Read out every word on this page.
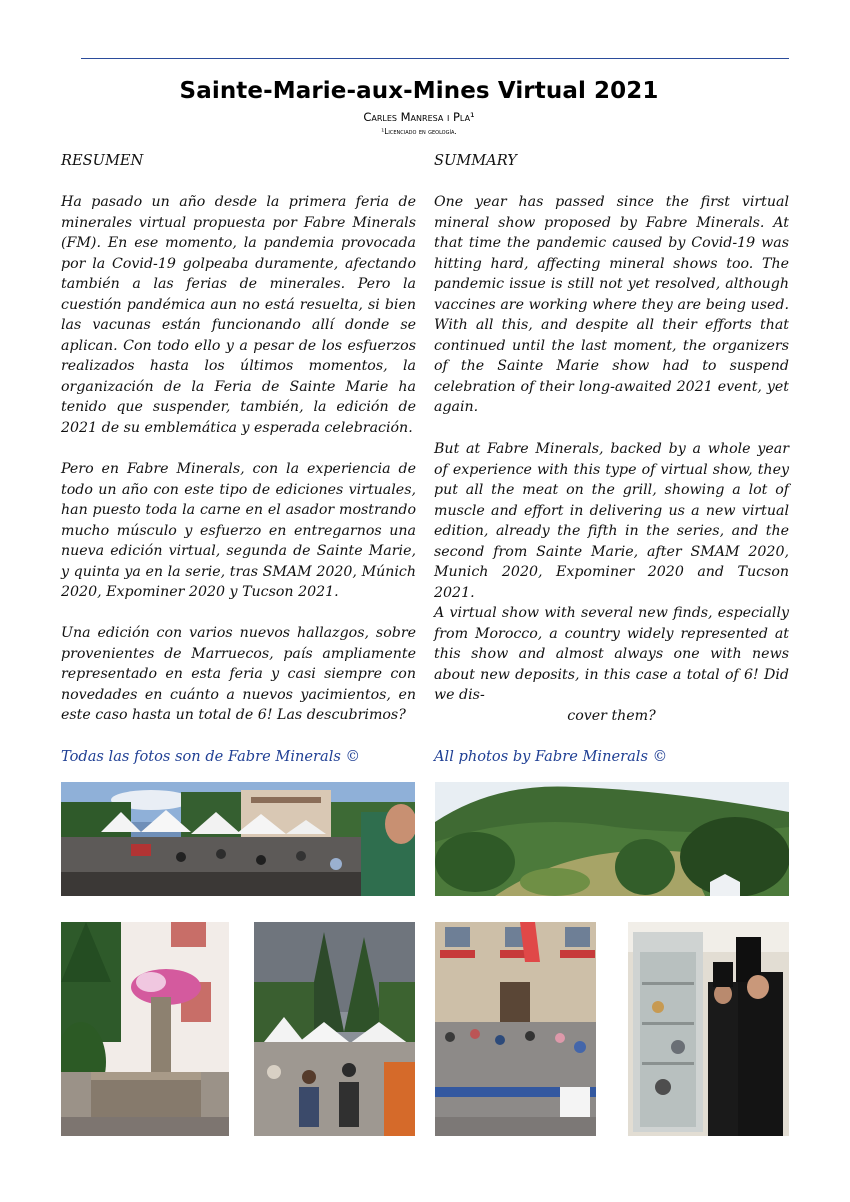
Sainte-Marie-aux-Mines Virtual 2021
Carles Manresa i Pla¹
¹Licenciado en geología.
RESUMEN

Ha pasado un año desde la primera feria de minerales virtual propuesta por Fabre Minerals (FM). En ese momento, la pandemia provocada por la Covid-19 golpeaba duramente, afectando también a las ferias de minerales. Pero la cuestión pandémica aun no está resuelta, si bien las vacunas están funcionando allí donde se aplican. Con todo ello y a pesar de los esfuerzos realizados hasta los últimos momentos, la organización de la Feria de Sainte Marie ha tenido que suspender, también, la edición de 2021 de su emblemática y esperada celebración.

Pero en Fabre Minerals, con la experiencia de todo un año con este tipo de ediciones virtuales, han puesto toda la carne en el asador mostrando mucho músculo y esfuerzo en entregarnos una nueva edición virtual, segunda de Sainte Marie, y quinta ya en la serie, tras SMAM 2020, Múnich 2020, Expominer 2020 y Tucson 2021.

Una edición con varios nuevos hallazgos, sobre provenientes de Marruecos, país ampliamente representado en esta feria y casi siempre con novedades en cuánto a nuevos yacimientos, en este caso hasta un total de 6! Las descubrimos?

Todas las fotos son de Fabre Minerals ©
SUMMARY

One year has passed since the first virtual mineral show proposed by Fabre Minerals. At that time the pandemic caused by Covid-19 was hitting hard, affecting mineral shows too. The pandemic issue is still not yet resolved, although vaccines are working where they are being used. With all this, and despite all their efforts that continued until the last moment, the organizers of the Sainte Marie show had to suspend celebration of their long-awaited 2021 event, yet again.

But at Fabre Minerals, backed by a whole year of experience with this type of virtual show, they put all the meat on the grill, showing a lot of muscle and effort in delivering us a new virtual edition, already the fifth in the series, and the second from Sainte Marie, after SMAM 2020, Munich 2020, Expominer 2020 and Tucson 2021.

A virtual show with several new finds, especially from Morocco, a country widely represented at this show and almost always one with news about new deposits, in this case a total of 6! Did we dis-
cover them?

All photos by Fabre Minerals ©
